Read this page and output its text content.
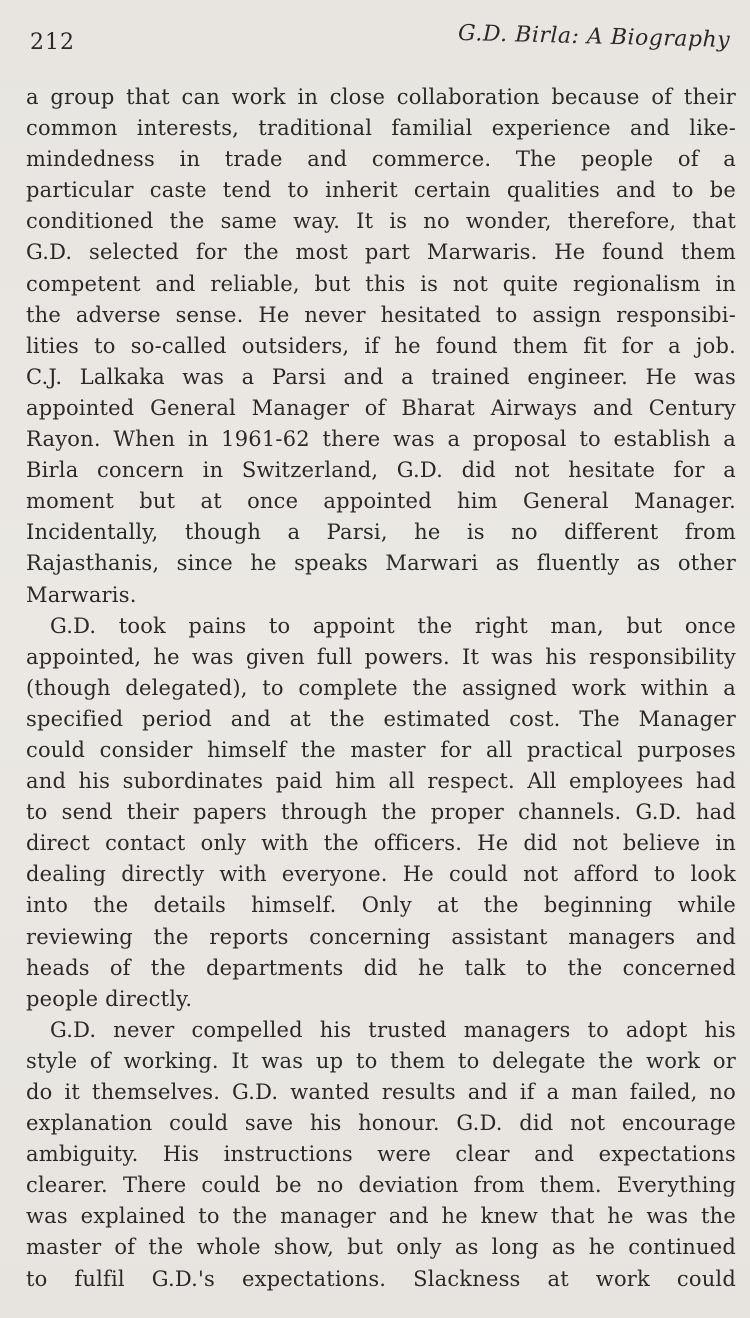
212	G.D. Birla: A Biography
a group that can work in close collaboration because of their
common interests, traditional familial experience and like-
mindedness in trade and commerce. The people of a
particular caste tend to inherit certain qualities and to be
conditioned the same way. It is no wonder, therefore, that
G.D. selected for the most part Marwaris. He found them
competent and reliable, but this is not quite regionalism in
the adverse sense. He never hesitated to assign responsibi-
lities to so-called outsiders, if he found them fit for a job.
C.J. Lalkaka was a Parsi and a trained engineer. He was
appointed General Manager of Bharat Airways and Century
Rayon. When in 1961-62 there was a proposal to establish a
Birla concern in Switzerland, G.D. did not hesitate for a
moment but at once appointed him General Manager.
Incidentally, though a Parsi, he is no different from
Rajasthanis, since he speaks Marwari as fluently as other
Marwaris.
G.D. took pains to appoint the right man, but once
appointed, he was given full powers. It was his responsibility
(though delegated), to complete the assigned work within a
specified period and at the estimated cost. The Manager
could consider himself the master for all practical purposes
and his subordinates paid him all respect. All employees had
to send their papers through the proper channels. G.D. had
direct contact only with the officers. He did not believe in
dealing directly with everyone. He could not afford to look
into the details himself. Only at the beginning while
reviewing the reports concerning assistant managers and
heads of the departments did he talk to the concerned
people directly.
G.D. never compelled his trusted managers to adopt his
style of working. It was up to them to delegate the work or
do it themselves. G.D. wanted results and if a man failed, no
explanation could save his honour. G.D. did not encourage
ambiguity. His instructions were clear and expectations
clearer. There could be no deviation from them. Everything
was explained to the manager and he knew that he was the
master of the whole show, but only as long as he continued
to fulfil G.D.'s expectations. Slackness at work could
